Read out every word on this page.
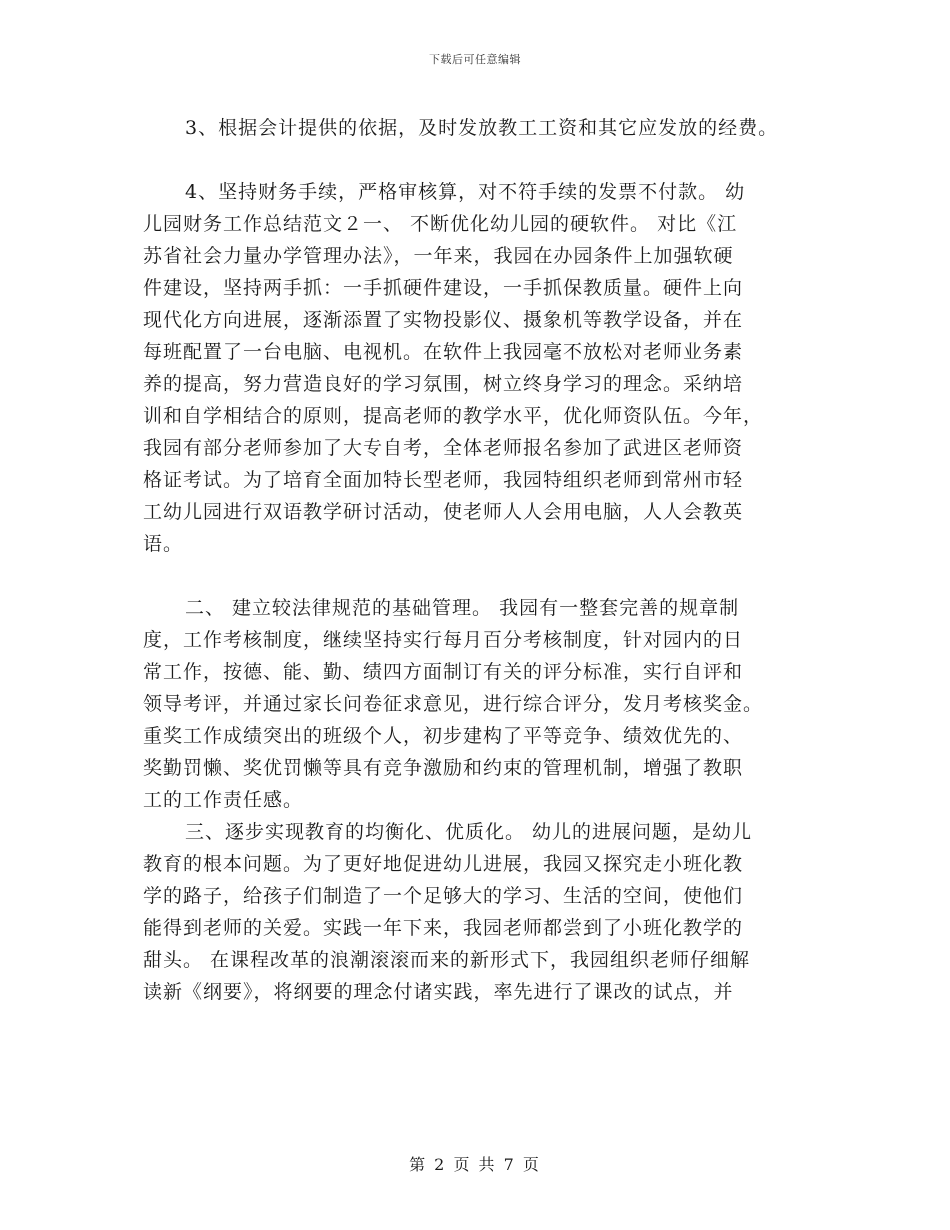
下载后可任意编辑
第 2 页 共 7 页
3、根据会计提供的依据，及时发放教工工资和其它应发放的经费。
4、坚持财务手续，严格审核算，对不符手续的发票不付款。 幼
儿园财务工作总结范文２一、 不断优化幼儿园的硬软件。 对比《江
苏省社会力量办学管理办法》，一年来，我园在办园条件上加强软硬
件建设，坚持两手抓：一手抓硬件建设，一手抓保教质量。硬件上向
现代化方向进展，逐渐添置了实物投影仪、摄象机等教学设备，并在
每班配置了一台电脑、电视机。在软件上我园毫不放松对老师业务素
养的提高，努力营造良好的学习氛围，树立终身学习的理念。采纳培
训和自学相结合的原则，提高老师的教学水平，优化师资队伍。今年，
我园有部分老师参加了大专自考，全体老师报名参加了武进区老师资
格证考试。为了培育全面加特长型老师，我园特组织老师到常州市轻
工幼儿园进行双语教学研讨活动，使老师人人会用电脑，人人会教英
语。
二、 建立较法律规范的基础管理。 我园有一整套完善的规章制
度，工作考核制度，继续坚持实行每月百分考核制度，针对园内的日
常工作，按德、能、勤、绩四方面制订有关的评分标准，实行自评和
领导考评，并通过家长问卷征求意见，进行综合评分，发月考核奖金。
重奖工作成绩突出的班级个人，初步建构了平等竞争、绩效优先的、
奖勤罚懒、奖优罚懒等具有竞争激励和约束的管理机制，增强了教职
工的工作责任感。
三、逐步实现教育的均衡化、优质化。 幼儿的进展问题，是幼儿
教育的根本问题。为了更好地促进幼儿进展，我园又探究走小班化教
学的路子，给孩子们制造了一个足够大的学习、生活的空间，使他们
能得到老师的关爱。实践一年下来，我园老师都尝到了小班化教学的
甜头。 在课程改革的浪潮滚滚而来的新形式下，我园组织老师仔细解
读新《纲要》，将纲要的理念付诸实践，率先进行了课改的试点，并
